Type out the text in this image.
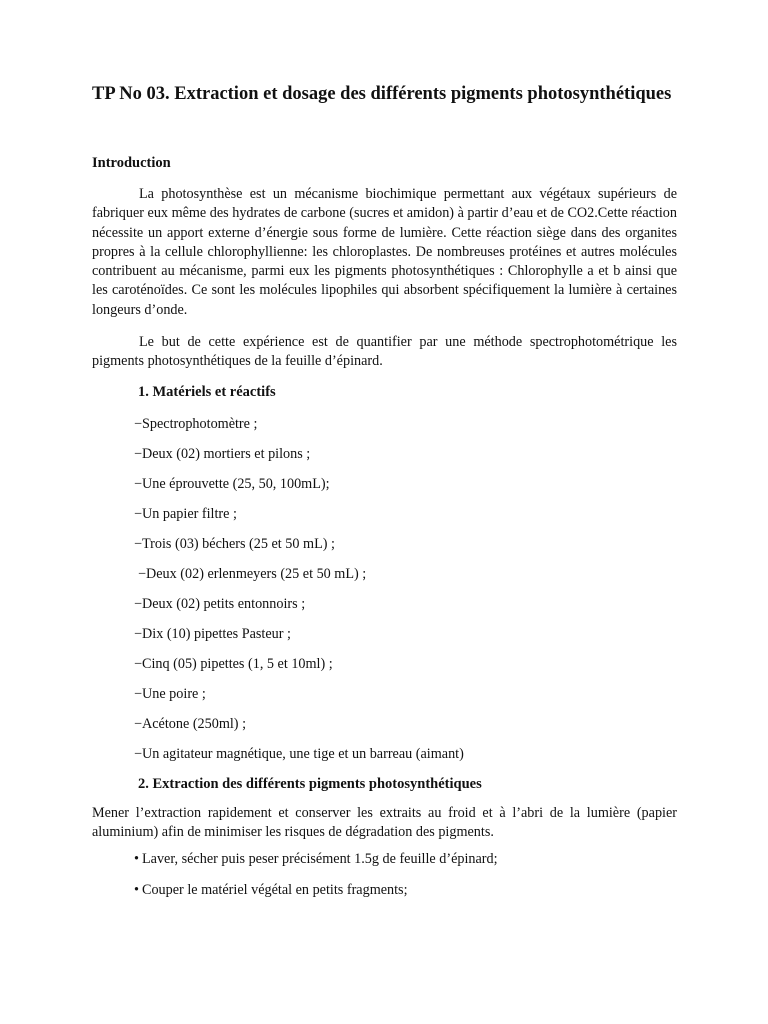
TP No 03. Extraction et dosage des différents pigments photosynthétiques
Introduction

La photosynthèse est un mécanisme biochimique permettant aux végétaux supérieurs de fabriquer eux même des hydrates de carbone (sucres et amidon) à partir d’eau et de CO2.Cette réaction nécessite un apport externe d’énergie sous forme de lumière. Cette réaction siège dans des organites propres à la cellule chlorophyllienne: les chloroplastes. De nombreuses protéines et autres molécules contribuent au mécanisme, parmi eux les pigments photosynthétiques : Chlorophylle a et b ainsi que les caroténoïdes. Ce sont les molécules lipophiles qui absorbent spécifiquement la lumière à certaines longeurs d’onde.

Le but de cette expérience est de quantifier par une méthode spectrophotométrique les pigments photosynthétiques de la feuille d’épinard.

1. Matériels et réactifs

−Spectrophotomètre ;

−Deux (02) mortiers et pilons ;

−Une éprouvette (25, 50, 100mL);

−Un papier filtre ;

−Trois (03) béchers (25 et 50 mL) ;

−Deux (02) erlenmeyers (25 et 50 mL) ;

−Deux (02) petits entonnoirs ;

−Dix (10) pipettes Pasteur ;

−Cinq (05) pipettes (1, 5 et 10ml) ;

−Une poire ;

−Acétone (250ml) ;

−Un agitateur magnétique, une tige et un barreau (aimant)

2. Extraction des différents pigments photosynthétiques

Mener l’extraction rapidement et conserver les extraits au froid et à l’abri de la lumière (papier aluminium) afin de minimiser les risques de dégradation des pigments.

• Laver, sécher puis peser précisément 1.5g de feuille d’épinard;

• Couper le matériel végétal en petits fragments;
